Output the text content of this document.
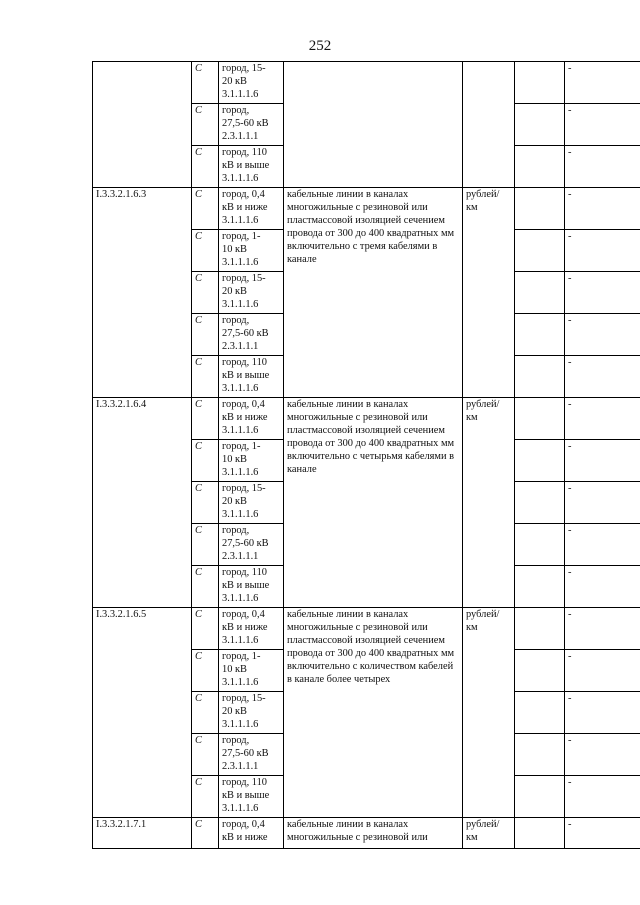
252
	С	город, 15-
20 кВ
3.1.1.1.6				-
	С	город,
27,5-60 кВ
2.3.1.1.1				-
	С	город, 110
кВ и выше
3.1.1.1.6				-
I.3.3.2.1.6.3	С	город, 0,4
кВ и ниже
3.1.1.1.6	кабельные линии в каналах многожильные с резиновой или пластмассовой изоляцией сечением провода от 300 до 400 квадратных мм включительно с тремя кабелями в канале	рублей/
км		-
	С	город, 1-
10 кВ
3.1.1.1.6				-
	С	город, 15-
20 кВ
3.1.1.1.6				-
	С	город,
27,5-60 кВ
2.3.1.1.1				-
	С	город, 110
кВ и выше
3.1.1.1.6				-
I.3.3.2.1.6.4	С	город, 0,4
кВ и ниже
3.1.1.1.6	кабельные линии в каналах многожильные с резиновой или пластмассовой изоляцией сечением провода от 300 до 400 квадратных мм включительно с четырьмя кабелями в канале	рублей/
км		-
	С	город, 1-
10 кВ
3.1.1.1.6				-
	С	город, 15-
20 кВ
3.1.1.1.6				-
	С	город,
27,5-60 кВ
2.3.1.1.1				-
	С	город, 110
кВ и выше
3.1.1.1.6				-
I.3.3.2.1.6.5	С	город, 0,4
кВ и ниже
3.1.1.1.6	кабельные линии в каналах многожильные с резиновой или пластмассовой изоляцией сечением провода от 300 до 400 квадратных мм включительно с количеством кабелей в канале более четырех	рублей/
км		-
	С	город, 1-
10 кВ
3.1.1.1.6				-
	С	город, 15-
20 кВ
3.1.1.1.6				-
	С	город,
27,5-60 кВ
2.3.1.1.1				-
	С	город, 110
кВ и выше
3.1.1.1.6				-
I.3.3.2.1.7.1	С	город, 0,4
кВ и ниже	кабельные линии в каналах многожильные с резиновой или	рублей/
км		-
